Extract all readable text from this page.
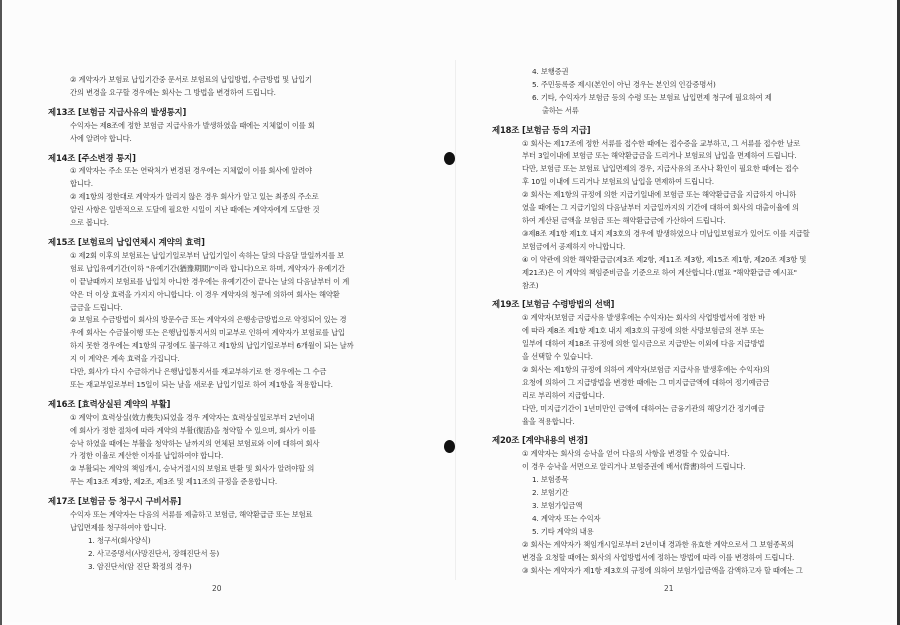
② 계약자가 보험료 납입기간중 문서로 보험료의 납입방법, 수금방법 및 납입기

간의 변경을 요구할 경우에는 회사는 그 방법을 변경하여 드립니다.

제13조 [보험금 지급사유의 발생통지]

수익자는 제8조에 정한 보험금 지급사유가 발생하였을 때에는 지체없이 이를 회

사에 알려야 합니다.

제14조 [주소변경 통지]

① 계약자는 주소 또는 연락처가 변경된 경우에는 지체없이 이를 회사에 알려야

합니다.

② 제1항의 정한대로 계약자가 알리지 않은 경우 회사가 알고 있는 최종의 주소로

알린 사항은 일반적으로 도달에 필요한 시일이 지난 때에는 계약자에게 도달한 것

으로 봅니다.

제15조 [보험료의 납입연체시 계약의 효력]

① 제2회 이후의 보험료는 납입기일로부터 납입기일이 속하는 달의 다음달 말일까지를 보

험료 납입유예기간(이하 "유예기간(猶豫期間)"이라 합니다)으로 하며, 계약자가 유예기간

이 끝날때까지 보험료를 납입치 아니한 경우에는 유예기간이 끝나는 날의 다음날부터 이 계

약은 더 이상 효력을 가지지 아니합니다. 이 경우 계약자의 청구에 의하여 회사는 해약환

급금을 드립니다.

② 보험료 수금방법이 회사의 방문수금 또는 계약자의 은행송금방법으로 약정되어 있는 경

우에 회사는 수금불이행 또는 은행납입통지서의 미교부로 인하여 계약자가 보험료를 납입

하지 못한 경우에는 제1항의 규정에도 불구하고 제1항의 납입기일로부터 6개월이 되는 날까

지 이 계약은 계속 효력을 가집니다.

다만, 회사가 다시 수금하거나 은행납입통지서를 재교부하기로 한 경우에는 그 수금

또는 재교부일로부터 15일이 되는 날을 새로운 납입기일로 하여 제1항을 적용합니다.

제16조 [효력상실된 계약의 부활]

① 계약이 효력상실(效力喪失)되었을 경우 계약자는 효력상실일로부터 2년이내

에 회사가 정한 절차에 따라 계약의 부활(復活)을 청약할 수 있으며, 회사가 이를

승낙 하였을 때에는 부활을 청약하는 날까지의 연체된 보험료와 이에 대하여 회사

가 정한 이율로 계산한 이자를 납입하여야 합니다.

② 부활되는 계약의 책임개시, 승낙거절시의 보험료 반환 및 회사가 알려야할 의

무는 제13조 제3항, 제2조, 제3조 및 제11조의 규정을 준용합니다.

제17조 [보험금 등 청구시 구비서류]

수익자 또는 계약자는 다음의 서류를 제출하고 보험금, 해약환급금 또는 보험료

납입면제를 청구하여야 합니다.

1. 청구서(회사양식)

2. 사고증명서(사망진단서, 장해진단서 등)

3. 암진단서(암 진단 확정의 경우)

20

4. 보행증권

5. 주민등록증 제시(본인이 아닌 경우는 본인의 인감증명서)

6. 기타, 수익자가 보험금 등의 수령 또는 보험료 납입면제 청구에 필요하여 제

출하는 서류

제18조 [보험금 등의 지급]

① 회사는 제17조에 정한 서류를 접수한 때에는 접수증을 교부하고, 그 서류를 접수한 날로

부터 3일이내에 보험금 또는 해약환급금을 드리거나 보험료의 납입을 면제하여 드립니다.

다만, 보험금 또는 보험료 납입면제의 경우, 지급사유의 조사나 확인이 필요한 때에는 접수

후 10일 이내에 드리거나 보험료의 납입을 면제하여 드립니다.

② 회사는 제1항의 규정에 의한 지급기일내에 보험금 또는 해약환급금을 지급하지 아니하

였을 때에는 그 지급기일의 다음날부터 지급일까지의 기간에 대하여 회사의 대출이율에 의

하여 계산된 금액을 보험금 또는 해약환급금에 가산하여 드립니다.

③제8조 제1항 제1호 내지 제3호의 경우에 발생하였으나 미납입보험료가 있어도 이를 지급할

보험금에서 공제하지 아니합니다.

④ 이 약관에 의한 해약환급금(제3조 제2항, 제11조 제3항, 제15조 제1항, 제20조 제3항 및

제21조)은 이 계약의 책임준비금을 기준으로 하여 계산합니다.(별표 "해약환급금 예시표"

참조)

제19조 [보험금 수령방법의 선택]

① 계약자(보험금 지급사유 발생후에는 수익자)는 회사의 사업방법서에 정한 바

에 따라 제8조 제1항 제1호 내지 제3호의 규정에 의한 사망보험금의 전부 또는

일부에 대하여 제18조 규정에 의한 일시금으로 지급받는 이외에 다음 지급방법

을 선택할 수 있습니다.

② 회사는 제1항의 규정에 의하여 계약자(보험금 지급사유 발생후에는 수익자)의

요청에 의하여 그 지급방법을 변경한 때에는 그 미지급금액에 대하여 정기예금금

리로 부리하여 지급합니다.

다만, 미지급기간이 1년미만인 금액에 대하여는 금융기관의 해당기간 정기예금

율을 적용합니다.

제20조 [계약내용의 변경]

① 계약자는 회사의 승낙을 얻어 다음의 사항을 변경할 수 있습니다.

이 경우 승낙을 서면으로 알리거나 보험증권에 배서(背書)하여 드립니다.

1. 보험종목

2. 보험기간

3. 보험가입금액

4. 계약자 또는 수익자

5. 기타 계약의 내용

② 회사는 계약자가 책임개시일로부터 2년이내 경과한 유효한 계약으로서 그 보험종목의

변경을 요청할 때에는 회사의 사업방법서에 정하는 방법에 따라 이를 변경하여 드립니다.

③ 회사는 계약자가 제1항 제3호의 규정에 의하여 보험가입금액을 감액하고자 할 때에는 그

21
